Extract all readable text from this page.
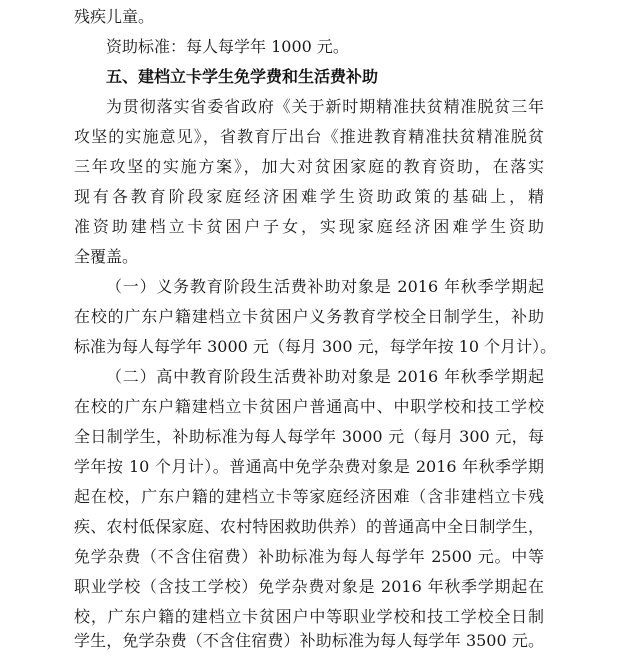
残疾儿童。
资助标准：每人每学年 1000 元。
五、建档立卡学生免学费和生活费补助
为贯彻落实省委省政府《关于新时期精准扶贫精准脱贫三年
攻坚的实施意见》，省教育厅出台《推进教育精准扶贫精准脱贫
三年攻坚的实施方案》，加大对贫困家庭的教育资助，在落实
现有各教育阶段家庭经济困难学生资助政策的基础上，精
准资助建档立卡贫困户子女，实现家庭经济困难学生资助
全覆盖。
（一）义务教育阶段生活费补助对象是 2016 年秋季学期起
在校的广东户籍建档立卡贫困户义务教育学校全日制学生，补助
标准为每人每学年 3000 元（每月 300 元，每学年按 10 个月计）。
（二）高中教育阶段生活费补助对象是 2016 年秋季学期起
在校的广东户籍建档立卡贫困户普通高中、中职学校和技工学校
全日制学生，补助标准为每人每学年 3000 元（每月 300 元，每
学年按 10 个月计）。普通高中免学杂费对象是 2016 年秋季学期
起在校，广东户籍的建档立卡等家庭经济困难（含非建档立卡残
疾、农村低保家庭、农村特困救助供养）的普通高中全日制学生，
免学杂费（不含住宿费）补助标准为每人每学年 2500 元。中等
职业学校（含技工学校）免学杂费对象是 2016 年秋季学期起在
校，广东户籍的建档立卡贫困户中等职业学校和技工学校全日制
学生，免学杂费（不含住宿费）补助标准为每人每学年 3500 元。
